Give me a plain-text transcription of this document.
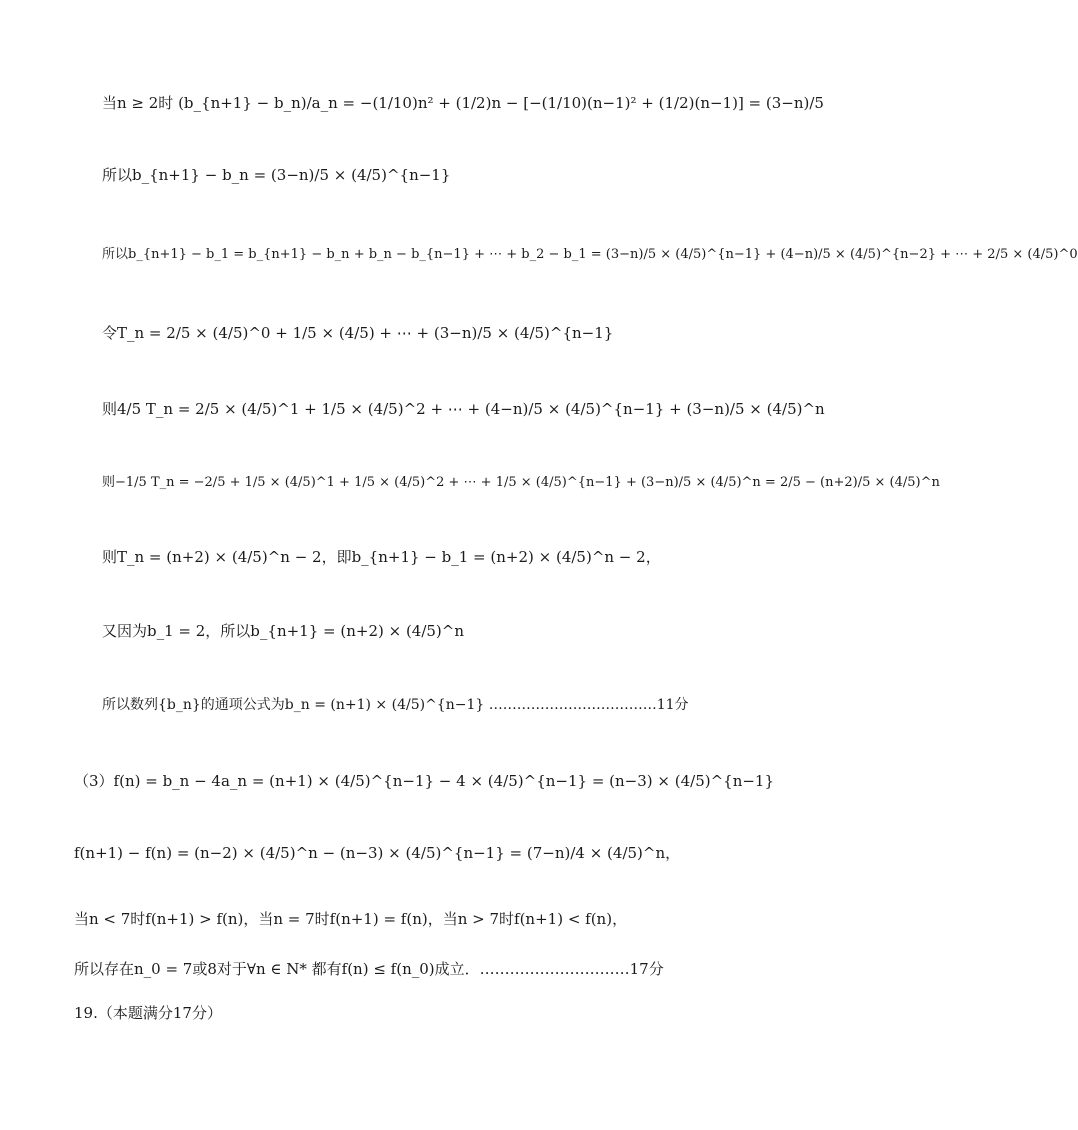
当n ≥ 2时 (b_{n+1} − b_n)/a_n = −(1/10)n² + (1/2)n − [−(1/10)(n−1)² + (1/2)(n−1)] = (3−n)/5
所以b_{n+1} − b_n = (3−n)/5 × (4/5)^{n−1}
所以b_{n+1} − b_1 = b_{n+1} − b_n + b_n − b_{n−1} + ⋯ + b_2 − b_1 = (3−n)/5 × (4/5)^{n−1} + (4−n)/5 × (4/5)^{n−2} + ⋯ + 2/5 × (4/5)^0
令T_n = 2/5 × (4/5)^0 + 1/5 × (4/5) + ⋯ + (3−n)/5 × (4/5)^{n−1}
则4/5 T_n = 2/5 × (4/5)^1 + 1/5 × (4/5)^2 + ⋯ + (4−n)/5 × (4/5)^{n−1} + (3−n)/5 × (4/5)^n
则−1/5 T_n = −2/5 + 1/5 × (4/5)^1 + 1/5 × (4/5)^2 + ⋯ + 1/5 × (4/5)^{n−1} + (3−n)/5 × (4/5)^n = 2/5 − (n+2)/5 × (4/5)^n
则T_n = (n+2) × (4/5)^n − 2，即b_{n+1} − b_1 = (n+2) × (4/5)^n − 2，
又因为b_1 = 2，所以b_{n+1} = (n+2) × (4/5)^n
所以数列{b_n}的通项公式为b_n = (n+1) × (4/5)^{n−1} ………………………………11分
（3）f(n) = b_n − 4a_n = (n+1) × (4/5)^{n−1} − 4 × (4/5)^{n−1} = (n−3) × (4/5)^{n−1}
f(n+1) − f(n) = (n−2) × (4/5)^n − (n−3) × (4/5)^{n−1} = (7−n)/4 × (4/5)^n，
当n < 7时f(n+1) > f(n)，当n = 7时f(n+1) = f(n)，当n > 7时f(n+1) < f(n)，
所以存在n_0 = 7或8对于∀n ∈ N* 都有f(n) ≤ f(n_0)成立．…………………………17分
19.（本题满分17分）
